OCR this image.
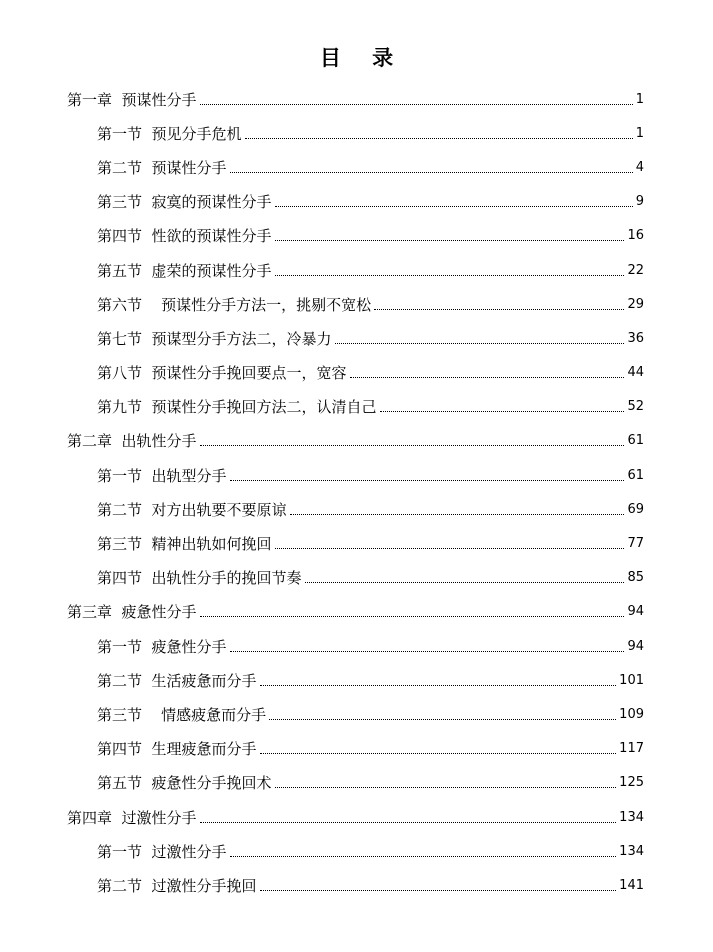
目 录
第一章  预谋性分手	1
第一节  预见分手危机	1
第二节  预谋性分手	4
第三节  寂寞的预谋性分手	9
第四节  性欲的预谋性分手	16
第五节  虚荣的预谋性分手	22
第六节    预谋性分手方法一，挑剔不宽松	29
第七节  预谋型分手方法二，冷暴力	36
第八节  预谋性分手挽回要点一，宽容	44
第九节  预谋性分手挽回方法二，认清自己	52
第二章  出轨性分手	61
第一节  出轨型分手	61
第二节  对方出轨要不要原谅	69
第三节  精神出轨如何挽回	77
第四节  出轨性分手的挽回节奏	85
第三章  疲惫性分手	94
第一节  疲惫性分手	94
第二节  生活疲惫而分手	101
第三节    情感疲惫而分手	109
第四节  生理疲惫而分手	117
第五节  疲惫性分手挽回术	125
第四章  过激性分手	134
第一节  过激性分手	134
第二节  过激性分手挽回	141
